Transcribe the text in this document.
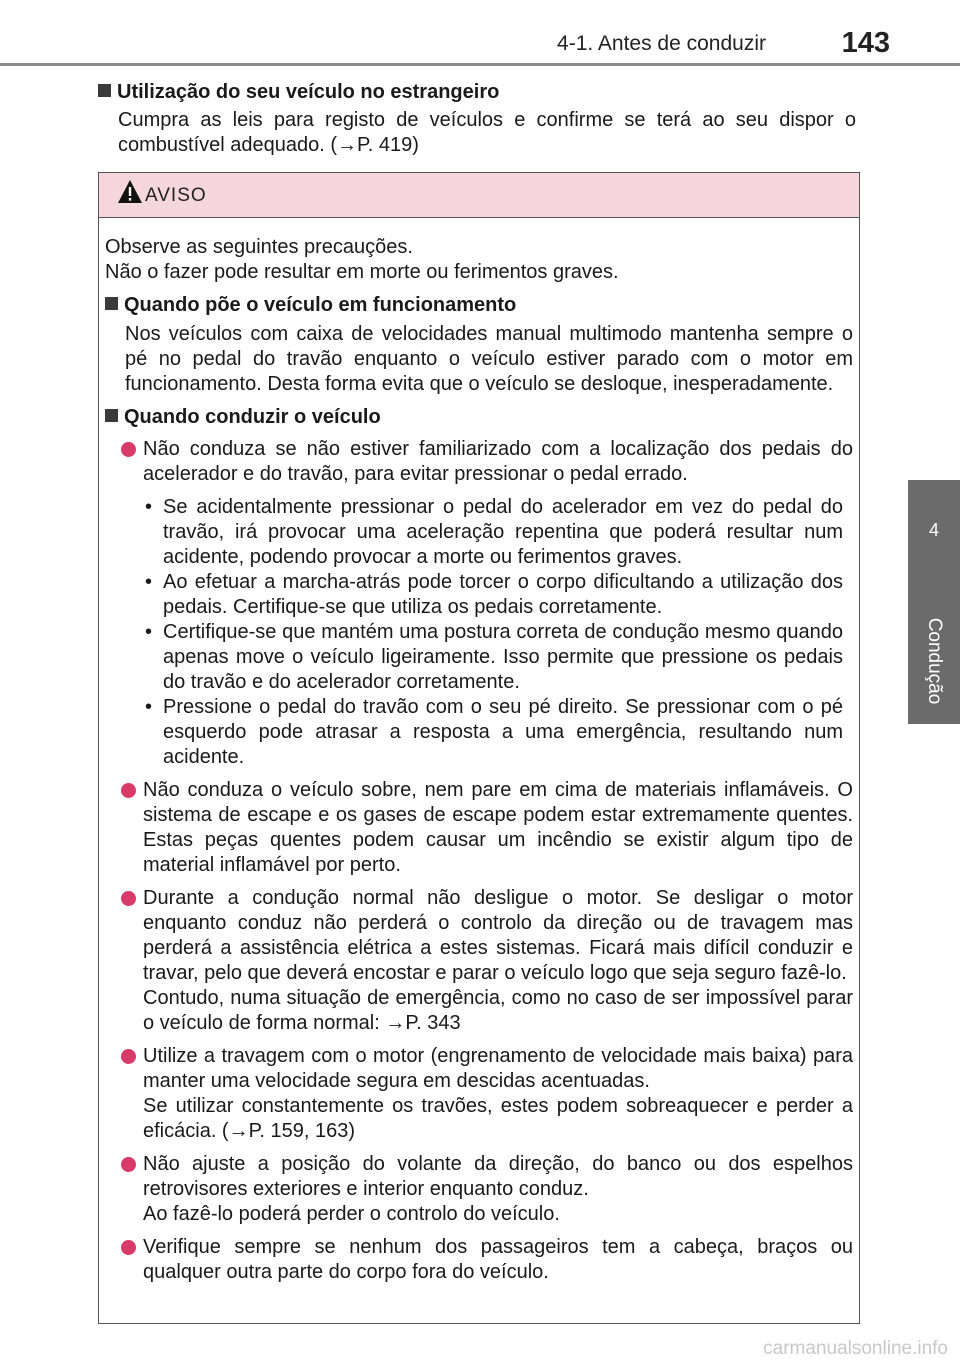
4-1. Antes de conduzir	143
4
Condução
Utilização do seu veículo no estrangeiro
Cumpra as leis para registo de veículos e confirme se terá ao seu dispor o combustível adequado. (→P. 419)
AVISO
Observe as seguintes precauções.
Não o fazer pode resultar em morte ou ferimentos graves.
Quando põe o veículo em funcionamento
Nos veículos com caixa de velocidades manual multimodo mantenha sempre o pé no pedal do travão enquanto o veículo estiver parado com o motor em funcionamento. Desta forma evita que o veículo se desloque, inesperadamente.
Quando conduzir o veículo
Não conduza se não estiver familiarizado com a localização dos pedais do acelerador e do travão, para evitar pressionar o pedal errado.
• Se acidentalmente pressionar o pedal do acelerador em vez do pedal do travão, irá provocar uma aceleração repentina que poderá resultar num acidente, podendo provocar a morte ou ferimentos graves.
• Ao efetuar a marcha-atrás pode torcer o corpo dificultando a utilização dos pedais. Certifique-se que utiliza os pedais corretamente.
• Certifique-se que mantém uma postura correta de condução mesmo quando apenas move o veículo ligeiramente. Isso permite que pressione os pedais do travão e do acelerador corretamente.
• Pressione o pedal do travão com o seu pé direito. Se pressionar com o pé esquerdo pode atrasar a resposta a uma emergência, resultando num acidente.
Não conduza o veículo sobre, nem pare em cima de materiais inflamáveis. O sistema de escape e os gases de escape podem estar extremamente quentes. Estas peças quentes podem causar um incêndio se existir algum tipo de material inflamável por perto.
Durante a condução normal não desligue o motor. Se desligar o motor enquanto conduz não perderá o controlo da direção ou de travagem mas perderá a assistência elétrica a estes sistemas. Ficará mais difícil conduzir e travar, pelo que deverá encostar e parar o veículo logo que seja seguro fazê-lo.
Contudo, numa situação de emergência, como no caso de ser impossível parar o veículo de forma normal: →P. 343
Utilize a travagem com o motor (engrenamento de velocidade mais baixa) para manter uma velocidade segura em descidas acentuadas.
Se utilizar constantemente os travões, estes podem sobreaquecer e perder a eficácia. (→P. 159, 163)
Não ajuste a posição do volante da direção, do banco ou dos espelhos retrovisores exteriores e interior enquanto conduz.
Ao fazê-lo poderá perder o controlo do veículo.
Verifique sempre se nenhum dos passageiros tem a cabeça, braços ou qualquer outra parte do corpo fora do veículo.
carmanualsonline.info
